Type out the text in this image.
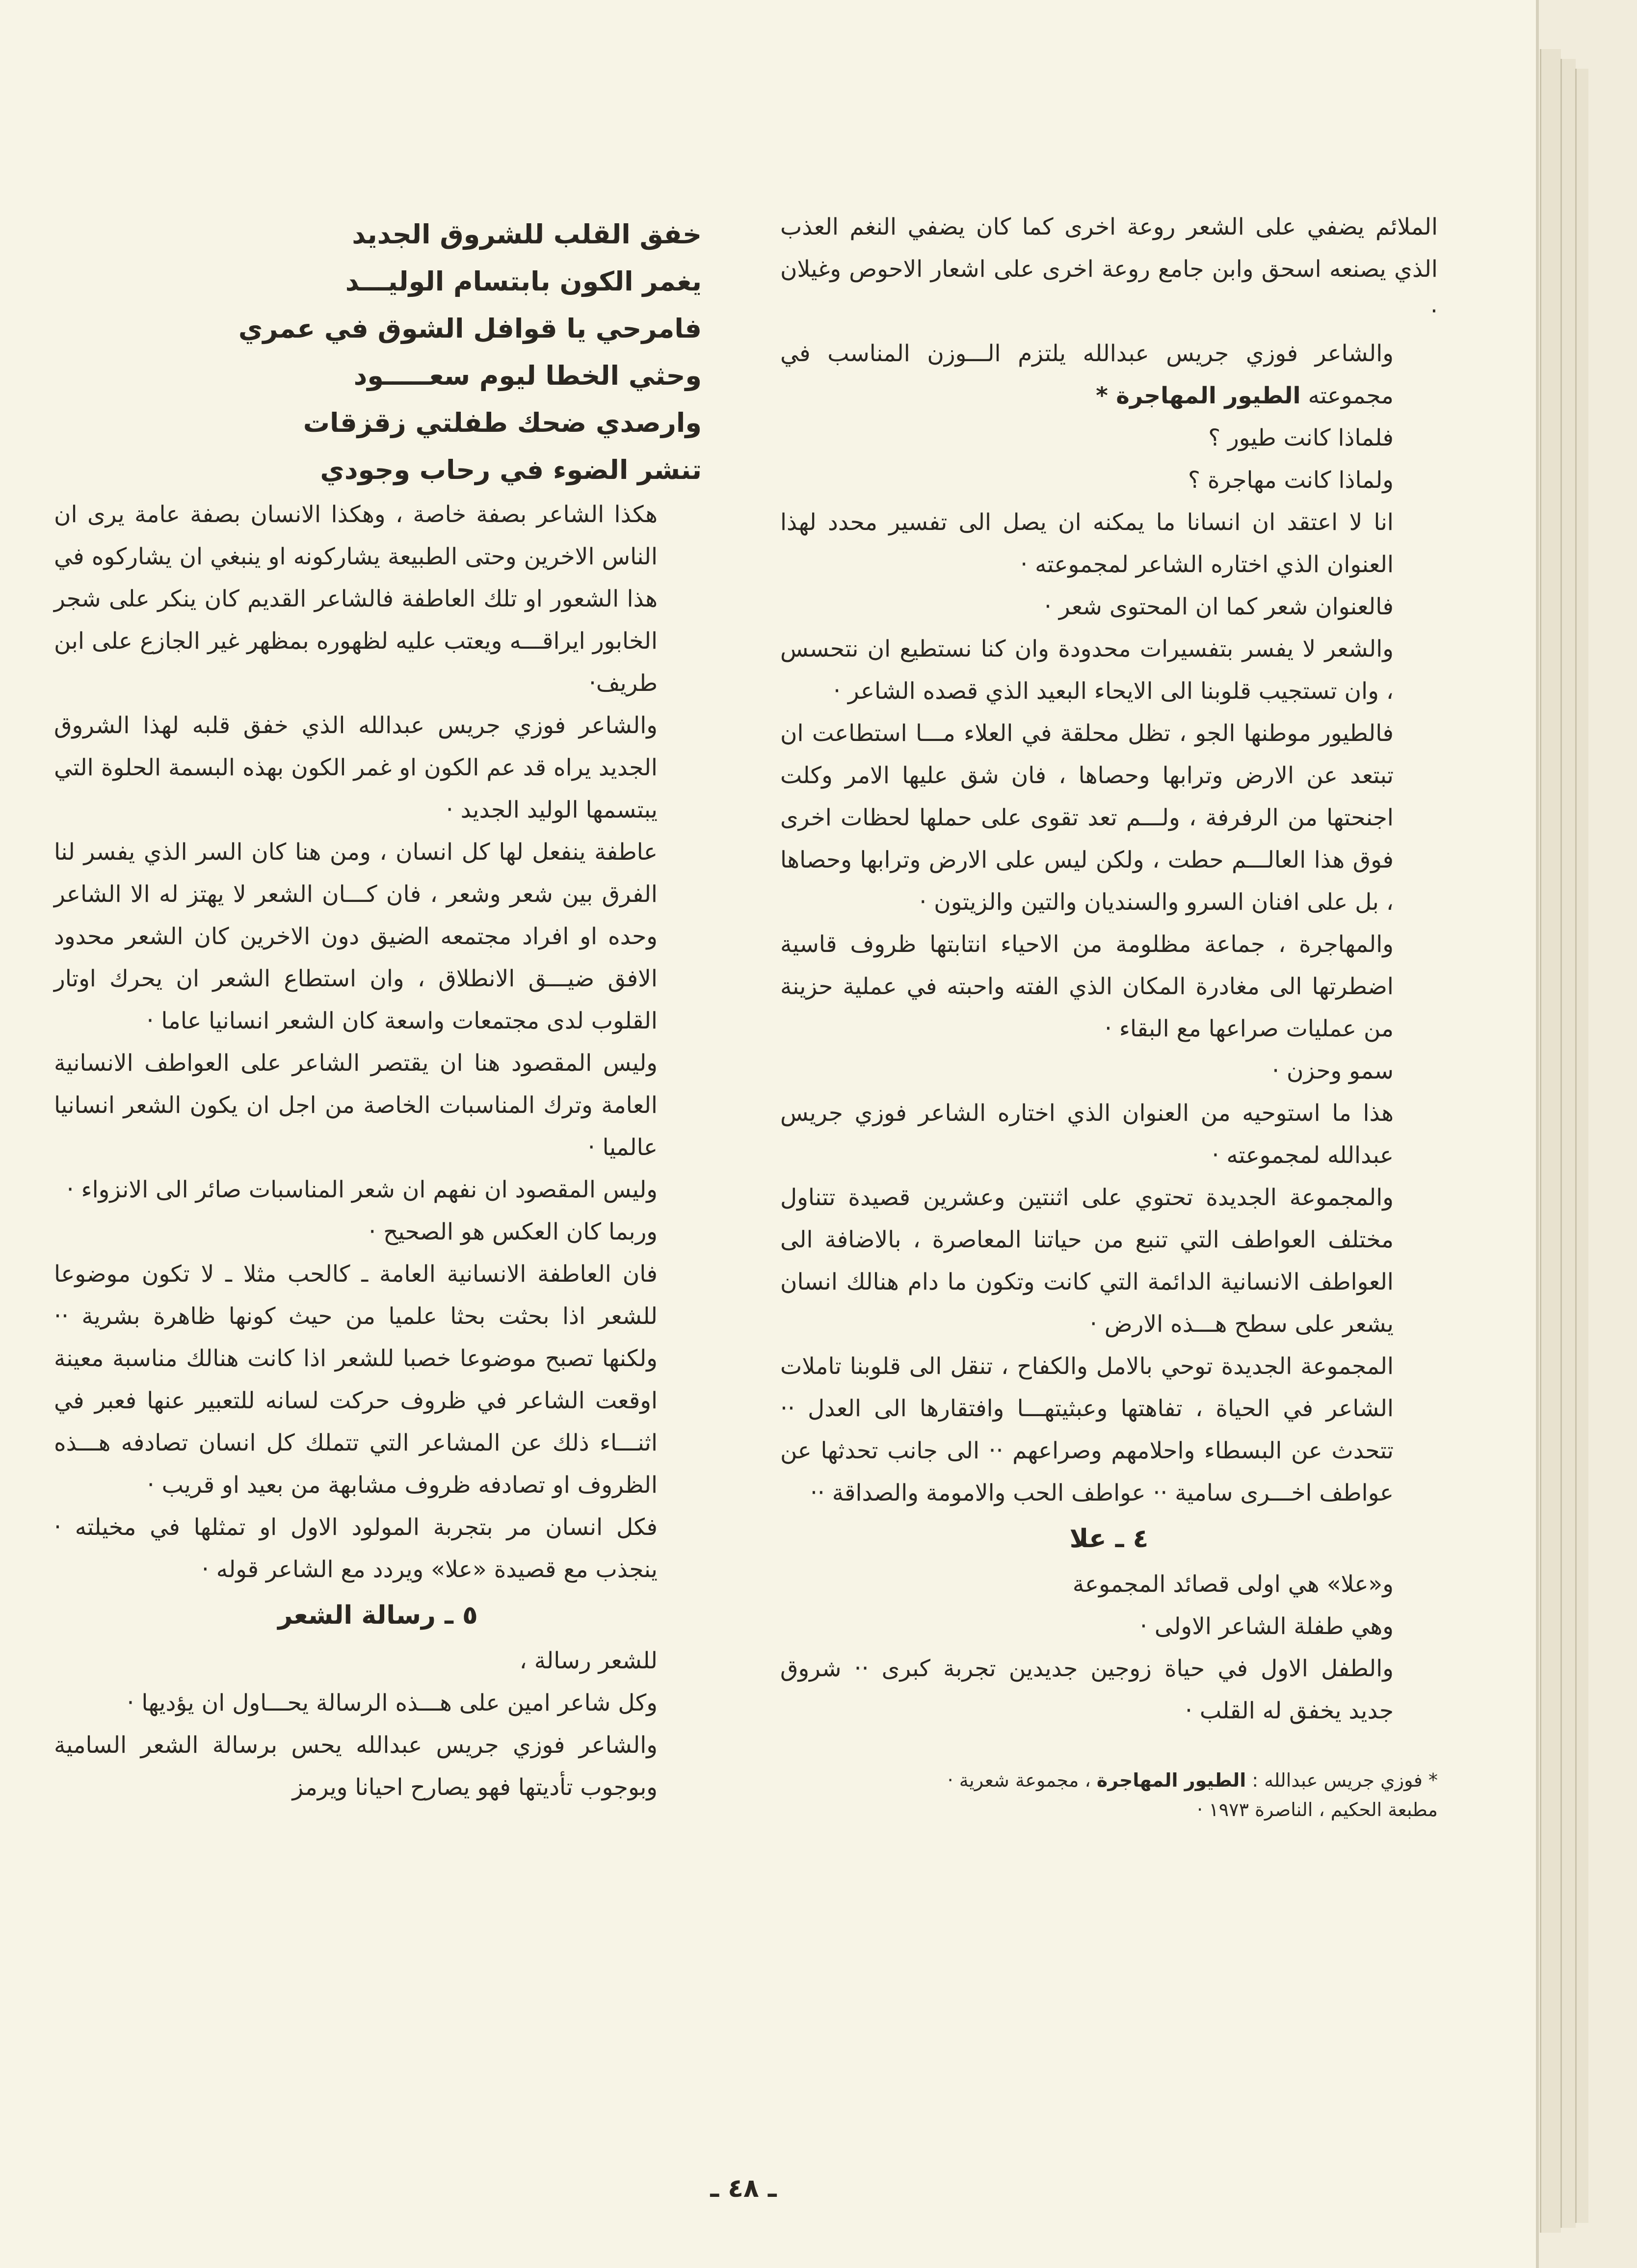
الملائم يضفي على الشعر روعة اخرى كما كان يضفي النغم العذب الذي يصنعه اسحق وابن جامع روعة اخرى على اشعار الاحوص وغيلان ·

والشاعر فوزي جريس عبدالله يلتزم الـــوزن المناسب في مجموعته الطيور المهاجرة *

فلماذا كانت طيور ؟

ولماذا كانت مهاجرة ؟

انا لا اعتقد ان انسانا ما يمكنه ان يصل الى تفسير محدد لهذا العنوان الذي اختاره الشاعر لمجموعته ·

فالعنوان شعر كما ان المحتوى شعر ·

والشعر لا يفسر بتفسيرات محدودة وان كنا نستطيع ان نتحسس ، وان تستجيب قلوبنا الى الايحاء البعيد الذي قصده الشاعر ·

فالطيور موطنها الجو ، تظل محلقة في العلاء مـــا استطاعت ان تبتعد عن الارض وترابها وحصاها ، فان شق عليها الامر وكلت اجنحتها من الرفرفة ، ولـــم تعد تقوى على حملها لحظات اخرى فوق هذا العالـــم حطت ، ولكن ليس على الارض وترابها وحصاها ، بل على افنان السرو والسنديان والتين والزيتون ·

والمهاجرة ، جماعة مظلومة من الاحياء انتابتها ظروف قاسية اضطرتها الى مغادرة المكان الذي الفته واحبته في عملية حزينة من عمليات صراعها مع البقاء ·

سمو وحزن ·

هذا ما استوحيه من العنوان الذي اختاره الشاعر فوزي جريس عبدالله لمجموعته ·

والمجموعة الجديدة تحتوي على اثنتين وعشرين قصيدة تتناول مختلف العواطف التي تنبع من حياتنا المعاصرة ، بالاضافة الى العواطف الانسانية الدائمة التي كانت وتكون ما دام هنالك انسان يشعر على سطح هـــذه الارض ·

المجموعة الجديدة توحي بالامل والكفاح ، تنقل الى قلوبنا تاملات الشاعر في الحياة ، تفاهتها وعبثيتهـــا وافتقارها الى العدل ·· تتحدث عن البسطاء واحلامهم وصراعهم ·· الى جانب تحدثها عن عواطف اخـــرى سامية ·· عواطف الحب والامومة والصداقة ··

٤ ـ علا

و«علا» هي اولى قصائد المجموعة

وهي طفلة الشاعر الاولى ·

والطفل الاول في حياة زوجين جديدين تجربة كبرى ·· شروق جديد يخفق له القلب ·

* فوزي جريس عبدالله : الطيور المهاجرة ، مجموعة شعرية ·

مطبعة الحكيم ، الناصرة ١٩٧٣ ·

خفق القلب للشروق الجديد

يغمر الكون بابتسام الوليـــد

فامرحي يا قوافل الشوق في عمري

وحثي الخطا ليوم سعـــــود

وارصدي ضحك طفلتي زقزقات

تنشر الضوء في رحاب وجودي

هكذا الشاعر بصفة خاصة ، وهكذا الانسان بصفة عامة يرى ان الناس الاخرين وحتى الطبيعة يشاركونه او ينبغي ان يشاركوه في هذا الشعور او تلك العاطفة فالشاعر القديم كان ينكر على شجر الخابور ايراقـــه ويعتب عليه لظهوره بمظهر غير الجازع على ابن طريف·

والشاعر فوزي جريس عبدالله الذي خفق قلبه لهذا الشروق الجديد يراه قد عم الكون او غمر الكون بهذه البسمة الحلوة التي يبتسمها الوليد الجديد ·

عاطفة ينفعل لها كل انسان ، ومن هنا كان السر الذي يفسر لنا الفرق بين شعر وشعر ، فان كـــان الشعر لا يهتز له الا الشاعر وحده او افراد مجتمعه الضيق دون الاخرين كان الشعر محدود الافق ضيـــق الانطلاق ، وان استطاع الشعر ان يحرك اوتار القلوب لدى مجتمعات واسعة كان الشعر انسانيا عاما ·

وليس المقصود هنا ان يقتصر الشاعر على العواطف الانسانية العامة وترك المناسبات الخاصة من اجل ان يكون الشعر انسانيا عالميا ·

وليس المقصود ان نفهم ان شعر المناسبات صائر الى الانزواء ·

وربما كان العكس هو الصحيح ·

فان العاطفة الانسانية العامة ـ كالحب مثلا ـ لا تكون موضوعا للشعر اذا بحثت بحثا علميا من حيث كونها ظاهرة بشرية ·· ولكنها تصبح موضوعا خصبا للشعر اذا كانت هنالك مناسبة معينة اوقعت الشاعر في ظروف حركت لسانه للتعبير عنها فعبر في اثنـــاء ذلك عن المشاعر التي تتملك كل انسان تصادفه هـــذه الظروف او تصادفه ظروف مشابهة من بعيد او قريب ·

فكل انسان مر بتجربة المولود الاول او تمثلها في مخيلته · ينجذب مع قصيدة «علا» ويردد مع الشاعر قوله ·

٥ ـ رسالة الشعر

للشعر رسالة ،

وكل شاعر امين على هـــذه الرسالة يحـــاول ان يؤديها ·

والشاعر فوزي جريس عبدالله يحس برسالة الشعر السامية وبوجوب تأديتها فهو يصارح احيانا ويرمز

ـ ٤٨ ـ
